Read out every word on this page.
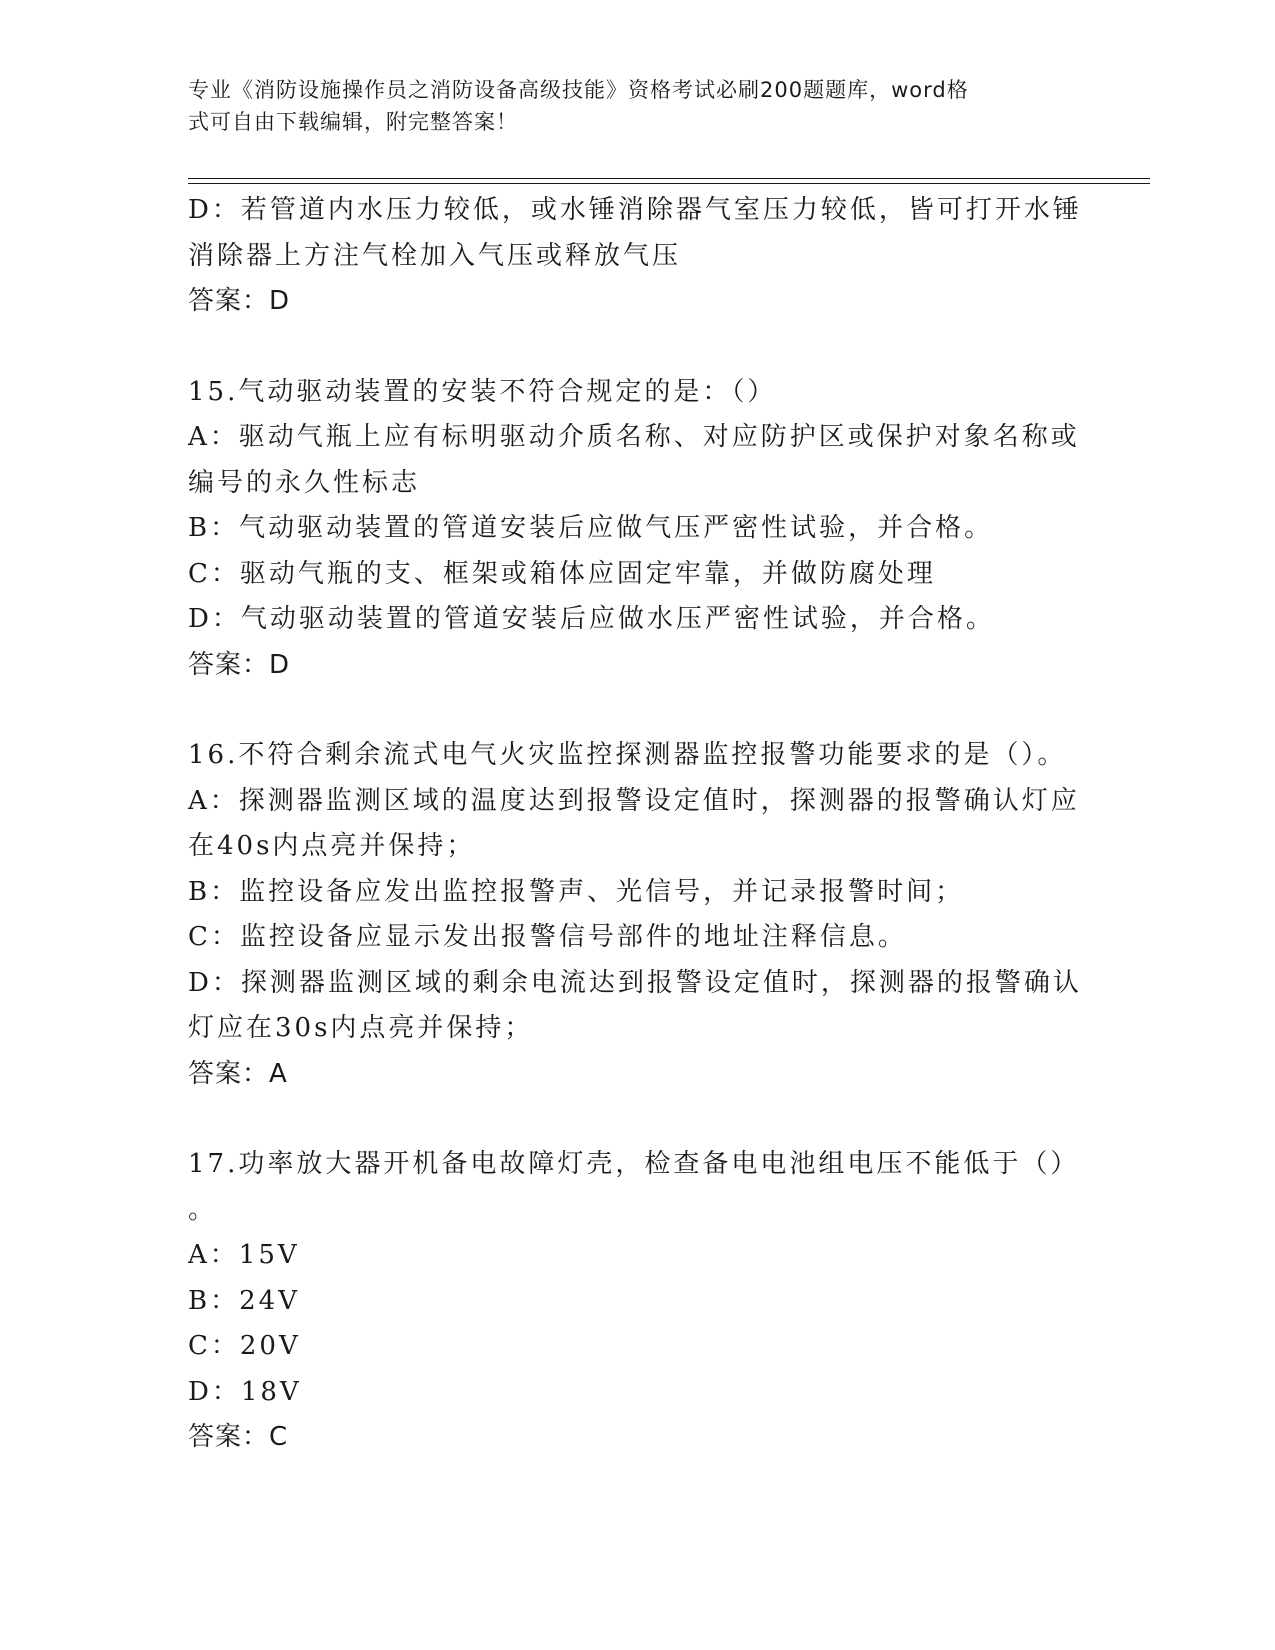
专业《消防设施操作员之消防设备高级技能》资格考试必刷200题题库，word格
式可自由下载编辑，附完整答案！
D：若管道内水压力较低，或水锤消除器气室压力较低，皆可打开水锤
消除器上方注气栓加入气压或释放气压
答案：D
15.气动驱动装置的安装不符合规定的是：（）
A：驱动气瓶上应有标明驱动介质名称、对应防护区或保护对象名称或
编号的永久性标志
B：气动驱动装置的管道安装后应做气压严密性试验，并合格。
C：驱动气瓶的支、框架或箱体应固定牢靠，并做防腐处理
D：气动驱动装置的管道安装后应做水压严密性试验，并合格。
答案：D
16.不符合剩余流式电气火灾监控探测器监控报警功能要求的是（）。
A：探测器监测区域的温度达到报警设定值时，探测器的报警确认灯应
在40s内点亮并保持；
B：监控设备应发出监控报警声、光信号，并记录报警时间；
C：监控设备应显示发出报警信号部件的地址注释信息。
D：探测器监测区域的剩余电流达到报警设定值时，探测器的报警确认
灯应在30s内点亮并保持；
答案：A
17.功率放大器开机备电故障灯壳，检查备电电池组电压不能低于（）
。
A：15V
B：24V
C：20V
D：18V
答案：C
